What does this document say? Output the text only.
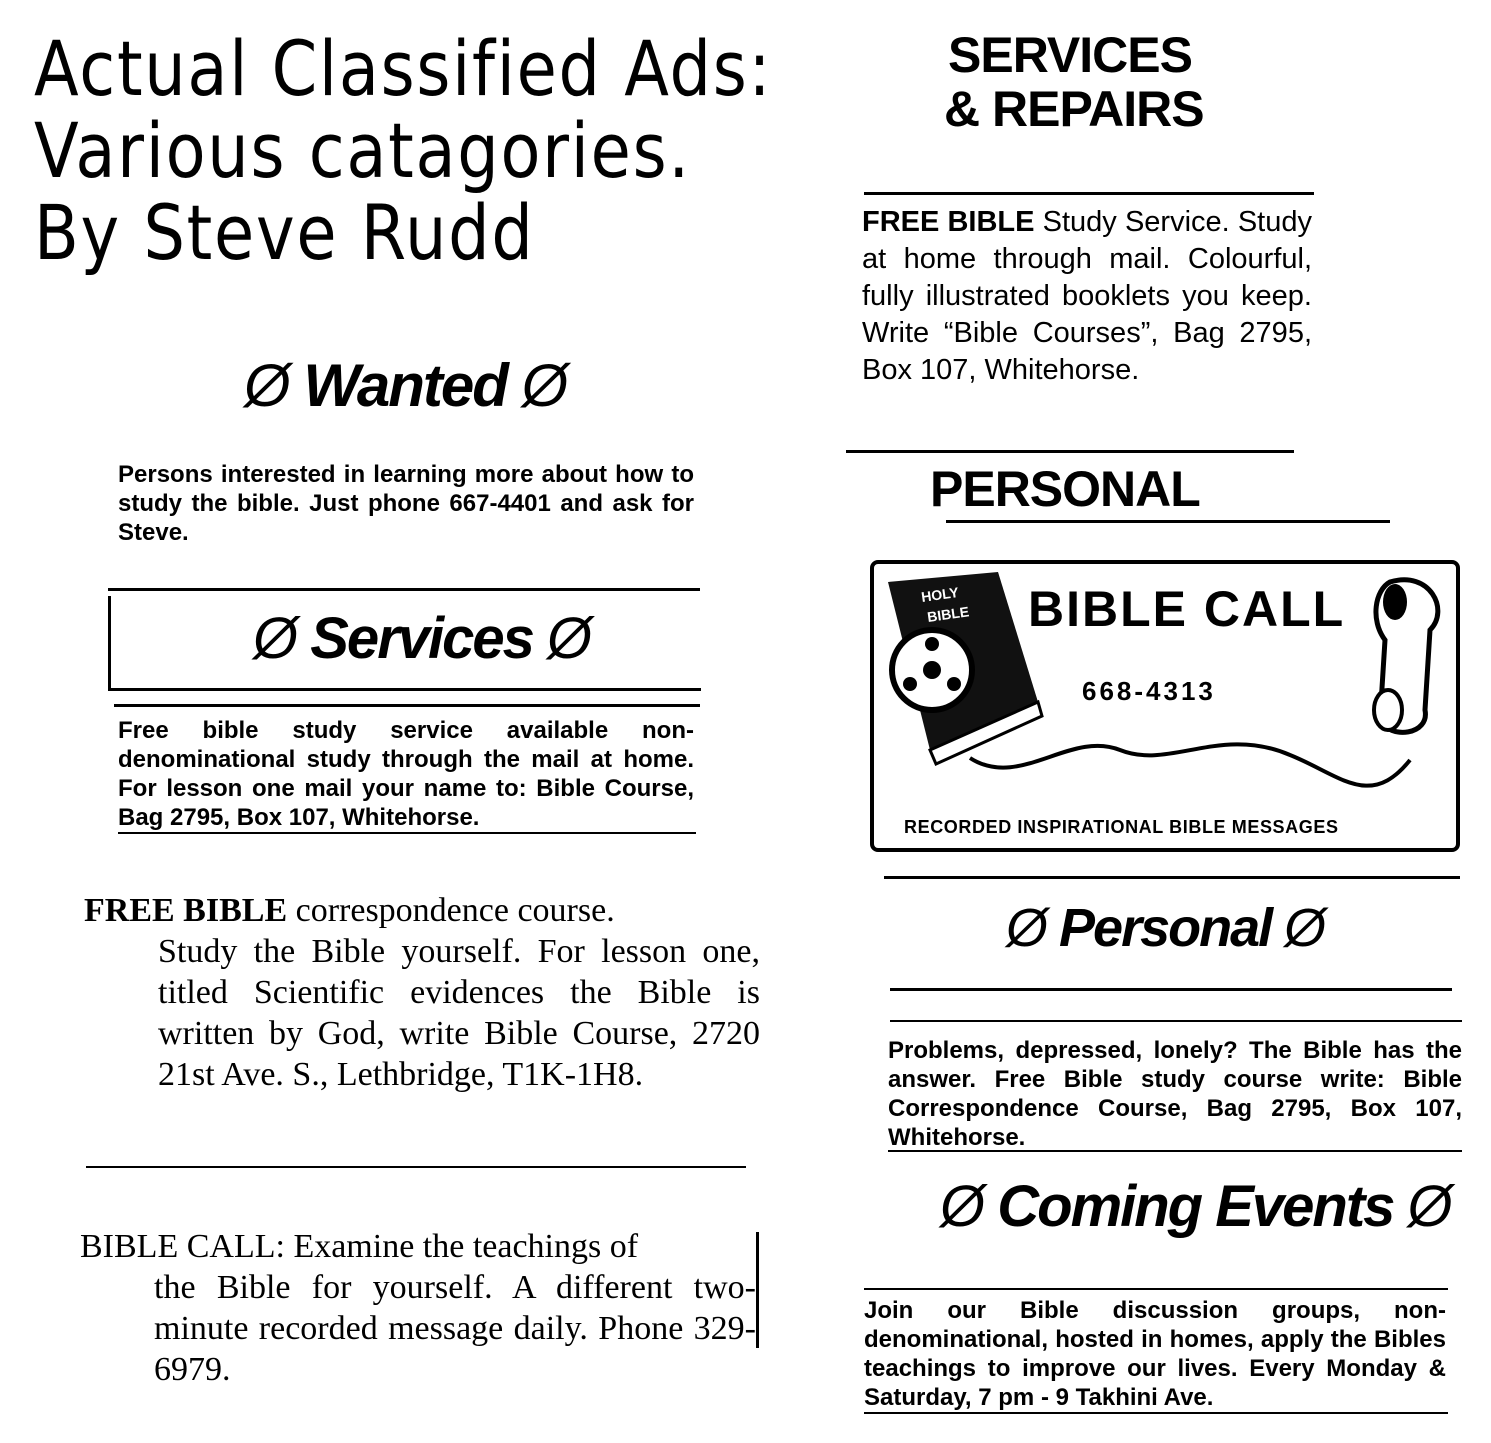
Actual Classified Ads:
Various catagories.
By Steve Rudd
SERVICES
& REPAIRS
FREE BIBLE Study Service. Study at home through mail. Colourful, fully illustrated booklets you keep. Write “Bible Courses”, Bag 2795, Box 107, Whitehorse.
PERSONAL
HOLY
BIBLE BIBLE CALL
668-4313
RECORDED INSPIRATIONAL BIBLE MESSAGES
Ø Personal Ø
Problems, depressed, lonely? The Bible has the answer. Free Bible study course write: Bible Correspondence Course, Bag 2795, Box 107, Whitehorse.
Ø Coming Events Ø
Join our Bible discussion groups, non-denominational, hosted in homes, apply the Bibles teachings to improve our lives. Every Monday & Saturday, 7 pm - 9 Takhini Ave.
Ø Wanted Ø
Persons interested in learning more about how to study the bible. Just phone 667-4401 and ask for Steve.
Ø Services Ø
Free bible study service available non-denominational study through the mail at home. For lesson one mail your name to: Bible Course, Bag 2795, Box 107, Whitehorse.
FREE BIBLE correspondence course.
Study the Bible yourself. For lesson one, titled Scientific evidences the Bible is written by God, write Bible Course, 2720 21st Ave. S., Lethbridge, T1K-1H8.
BIBLE CALL: Examine the teachings of
the Bible for yourself. A different two-minute recorded message daily. Phone 329-6979.
